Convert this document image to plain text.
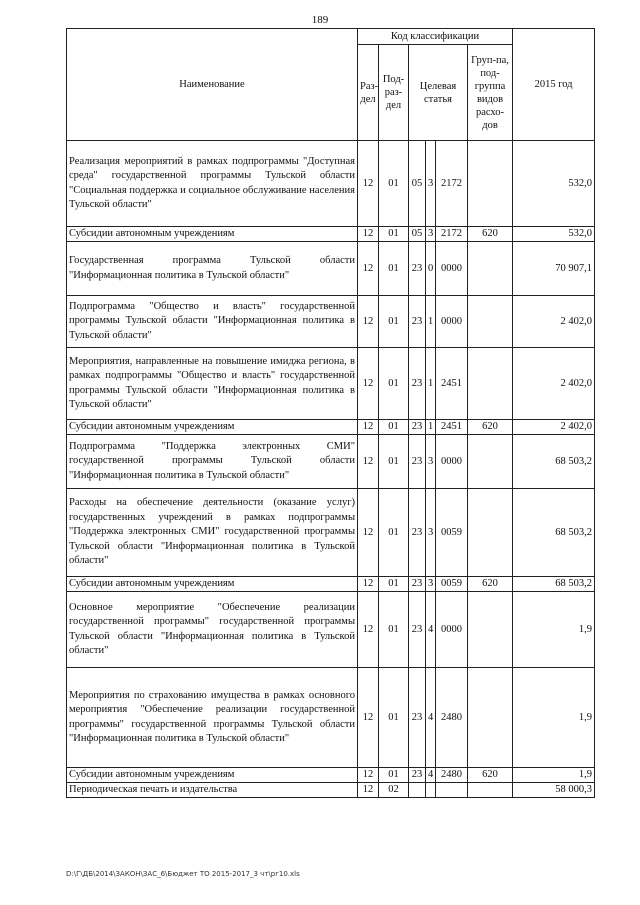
189
Наименование	Код классификации						2015 год
	Раз-дел	Под-раз-дел	Целевая статья			Груп-па, под-группа видов расхо-дов	
Реализация мероприятий в рамках подпрограммы "Доступная среда" государственной программы Тульской области "Социальная поддержка и социальное обслуживание населения Тульской области"	12	01	05	3	2172		532,0
Субсидии автономным учреждениям	12	01	05	3	2172	620	532,0
Государственная программа Тульской области "Информационная политика в Тульской области"	12	01	23	0	0000		70 907,1
Подпрограмма "Общество и власть" государственной программы Тульской области "Информационная политика в Тульской области"	12	01	23	1	0000		2 402,0
Мероприятия, направленные на повышение имиджа региона, в рамках подпрограммы "Общество и власть" государственной программы Тульской области "Информационная политика в Тульской области"	12	01	23	1	2451		2 402,0
Субсидии автономным учреждениям	12	01	23	1	2451	620	2 402,0
Подпрограмма "Поддержка электронных СМИ" государственной программы Тульской области "Информационная политика в Тульской области"	12	01	23	3	0000		68 503,2
Расходы на обеспечение деятельности (оказание услуг) государственных учреждений в рамках подпрограммы "Поддержка электронных СМИ" государственной программы Тульской области "Информационная политика в Тульской области"	12	01	23	3	0059		68 503,2
Субсидии автономным учреждениям	12	01	23	3	0059	620	68 503,2
Основное мероприятие "Обеспечение реализации государственной программы" государственной программы Тульской области "Информационная политика в Тульской области"	12	01	23	4	0000		1,9
Мероприятия по страхованию имущества в рамках основного мероприятия "Обеспечение реализации государственной программы" государственной программы Тульской области "Информационная политика в Тульской области"	12	01	23	4	2480		1,9
Субсидии автономным учреждениям	12	01	23	4	2480	620	1,9
Периодическая печать и издательства	12	02					58 000,3
D:\Г\ДБ\2014\ЗАКОН\ЗАС_6\Бюджет ТО 2015-2017_3 чт\рг10.xls
